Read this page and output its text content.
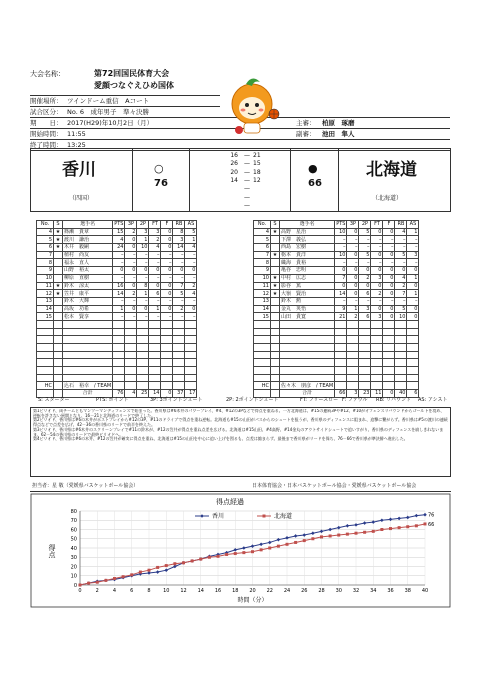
大会名称：	第72回国民体育大会
愛顔つなぐえひめ国体
開催場所： ツインドーム重信　Aコート
試合区分： No. 6　成年男子　準々決勝
期　　日： 2017(H29)年10月2日（月）
開始時間： 11:55
終了時間： 13:25
主審： 柏原　琢磨
副審： 池田　隼人
香川
（四国）
○
76
●
66
北海道
（北海道）
16 — 21
26 — 15
20 — 18
14 — 12
—
—
—
No.	S	選手名	PTS	3P	2P	FT	F	RB	AS
4	★	篠瀬　貴章	15	2	3	3	0	8	5
5	★	渡川　謙治	4	0	1	2	0	3	1
6	★	木井　毅嗣	24	0	10	4	0	14	4
7		植村　尚友	–	–	–	–	–	–	–
8		福永　直人	–	–	–	–	–	–	–
9		山野　裕太	0	0	0	0	0	0	0
10		柳原　直樹	–	–	–	–	–	–	–
11	★	鈴木　涼太	16	0	8	0	0	7	2
12	★	笠井　康平	14	2	1	6	0	5	4
13		鈴木　大輝	–	–	–	–	–	–	–
14		高坂　功希	1	0	0	1	0	2	0
15		松本　賢享	–	–	–	–	–	–	–

HC		込石　裕幸　/ TEAM							
		合計	76	4	25	14	0	37	17
No.	S	選手名	PTS	3P	2P	FT	F	RB	AS
4	★	高野　星治	10	0	5	0	0	4	1
5		下澤　義弘	–	–	–	–	–	–	–
6		西島　宏樹	–	–	–	–	–	–	–
7	★	栃本　貴洋	10	0	5	0	0	5	3
8		織海　貴裕	–	–	–	–	–	–	–
9		亀谷　忠明	0	0	0	0	0	0	0
10	★	中村　広志	7	0	2	3	0	4	1
11	★	影谷　篤	0	0	0	0	0	2	0
12	★	大嶺　賢治	14	0	6	2	0	7	1
13		鈴木　勲	–	–	–	–	–	–	–
14		金丸　英悟	9	1	3	0	0	5	0
15		山田　貴寛	21	2	6	3	0	10	0

HC		佐々木　朋彦　/ TEAM							
		合計	66	3	23	11	0	40	6
S: スターター	PTS: ポイント	3P: 3ポイントシュート	2P: 2ポイントシュート	FT: フリースロー F: ファウル RB: リバウンド AS: アシスト
第1ピリオド、両チームともマンツーマンディフェンスで始まった。香川県は#6木井のパワープレイ、#4、#12の3Pなどで得点を重ねる。一方北海道は、#15の連続3Pや#12、#10がオフェンスリバウンドからゴール下を攻め、逆転を許さない展開となり、16－21と北海道のリードで終了した。
第2ピリオド、香川県は#6の木井がポストプレイから#12の3P、#11のドライブで得点を重ね逆転。北海道も#15の山田がパスからのシュートを狙うが、香川県のディフェンスに阻まれ、追撃に繋がらず。香川県は#5の渡川の連続得点などで点差を広げ、42－36の香川県のリードで前半を終えた。
第3ピリオド、香川県は#6木井のスクリーンプレイで#11の鈴木が、#12の笠井が得点を重ね点差を広げる。北海道は#15山田、#4高野、#14金丸のアウトサイドシュートで追いすがり、香川県のディフェンスを崩しきれないまま、62－54の香川県のリードで最終ピリオドへ。
第4ピリオド、香川県は#6の木井、#12の笠井が確実に得点を重ね、北海道は#15の山田を中心に追い上げを図るも、点差は縮まらず。最後まで香川県がリードを保ち、76－66で香川県が準決勝へ進出した。
担当者：星 敬（愛媛県バスケットボール協会）	日本体育協会・日本バスケットボール協会・愛媛県バスケットボール協会
得点経過
0
10
20
30
40
50
60
70
80
0	2	4	6	8 10 12 14 16 18 20 22 24 26 28 30 32 34 36 38 40
得点
時間（分）
76
香川
66
北海道
